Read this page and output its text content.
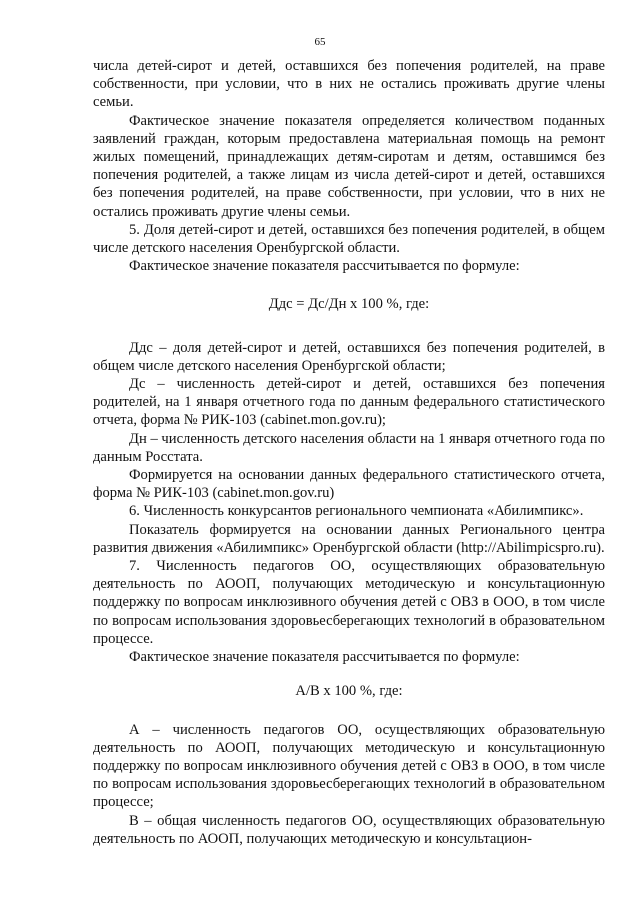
65

числа детей-сирот и детей, оставшихся без попечения родителей, на праве собственности, при условии, что в них не остались проживать другие члены семьи.

Фактическое значение показателя определяется количеством поданных заявлений граждан, которым предоставлена материальная помощь на ремонт жилых помещений, принадлежащих детям-сиротам и детям, оставшимся без попечения родителей, а также лицам из числа детей-сирот и детей, оставшихся без попечения родителей, на праве собственности, при условии, что в них не остались проживать другие члены семьи.

5. Доля детей-сирот и детей, оставшихся без попечения родителей, в общем числе детского населения Оренбургской области.

Фактическое значение показателя рассчитывается по формуле:

Ддс = Дс/Дн х 100 %, где:

Ддс – доля детей-сирот и детей, оставшихся без попечения родителей, в общем числе детского населения Оренбургской области;

Дс – численность детей-сирот и детей, оставшихся без попечения родителей, на 1 января отчетного года по данным федерального статистического отчета, форма № РИК-103 (cabinet.mon.gov.ru);

Дн – численность детского населения области на 1 января отчетного года по данным Росстата.

Формируется на основании данных федерального статистического отчета, форма № РИК-103 (cabinet.mon.gov.ru)

6. Численность конкурсантов регионального чемпионата «Абилимпикс».

Показатель формируется на основании данных Регионального центра развития движения «Абилимпикс» Оренбургской области (http://Abilimpicspro.ru).

7. Численность педагогов ОО, осуществляющих образовательную деятельность по АООП, получающих методическую и консультационную поддержку по вопросам инклюзивного обучения детей с ОВЗ в ООО, в том числе по вопросам использования здоровьесберегающих технологий в образовательном процессе.

Фактическое значение показателя рассчитывается по формуле:

А/В х 100 %, где:

А – численность педагогов ОО, осуществляющих образовательную деятельность по АООП, получающих методическую и консультационную поддержку по вопросам инклюзивного обучения детей с ОВЗ в ООО, в том числе по вопросам использования здоровьесберегающих технологий в образовательном процессе;

В – общая численность педагогов ОО, осуществляющих образовательную деятельность по АООП, получающих методическую и консультацион-
